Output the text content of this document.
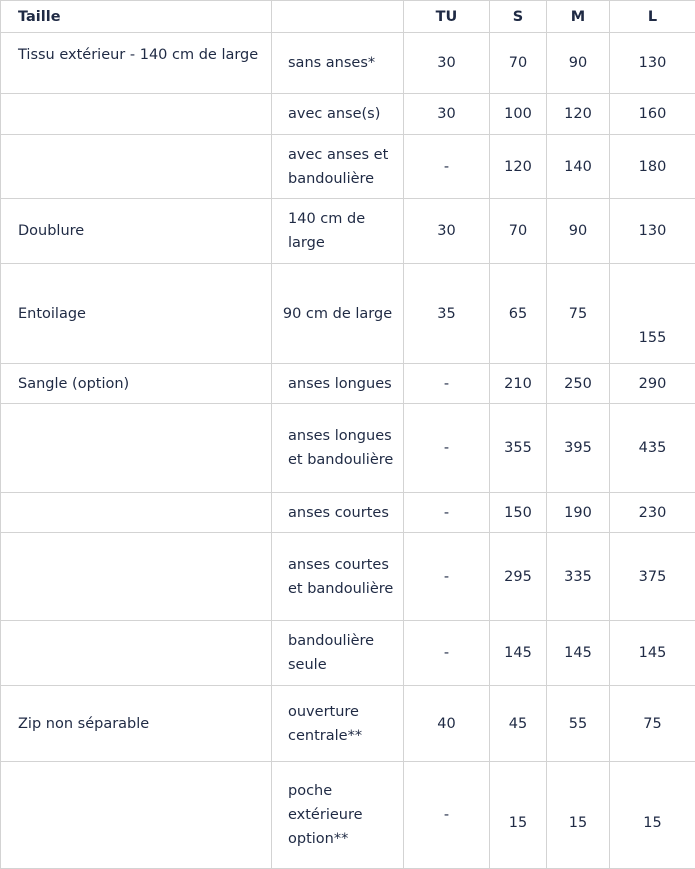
Taille		TU	S	M	L
Tissu extérieur - 140 cm de large	sans anses*	30	70	90	130
	avec anse(s)	30	100	120	160
	avec anses et bandoulière	-	120	140	180
Doublure	140 cm de large	30	70	90	130
Entoilage	90 cm de large	35	65	75	155
Sangle (option)	anses longues	-	210	250	290
	anses longues et bandoulière	-	355	395	435
	anses courtes	-	150	190	230
	anses courtes et bandoulière	-	295	335	375
	bandoulière seule	-	145	145	145
Zip non séparable	ouverture centrale**	40	45	55	75
	poche extérieure option**	-	15	15	15
